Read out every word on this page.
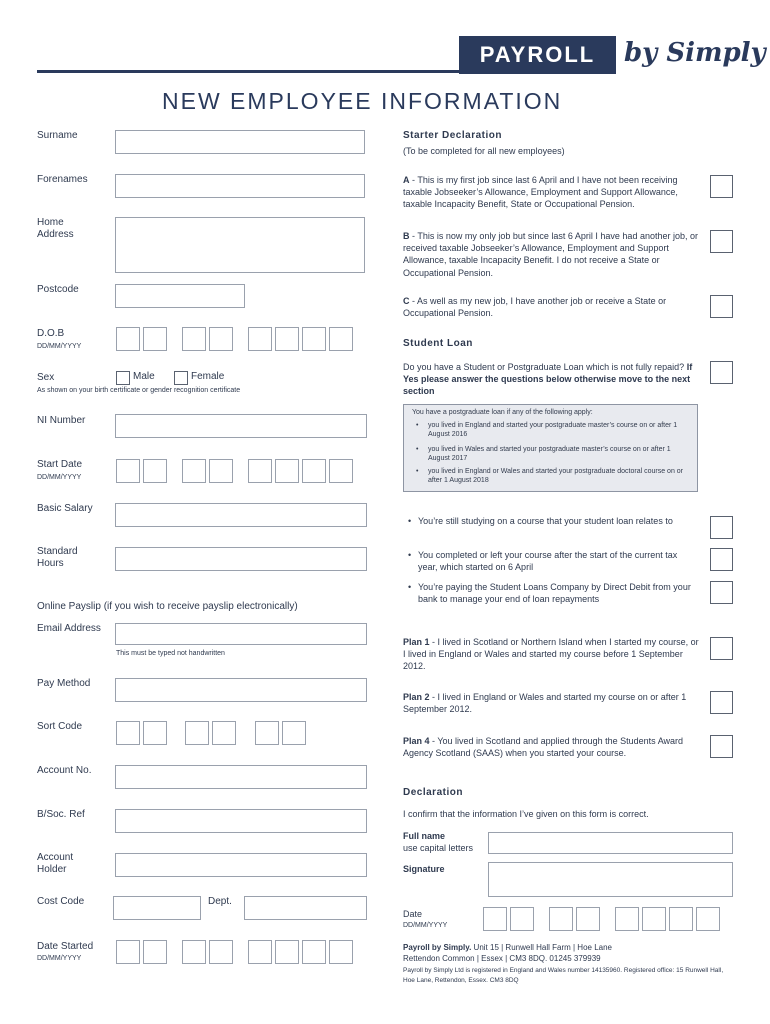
PAYROLL	by Simply
NEW EMPLOYEE INFORMATION
Surname
Forenames
Home
Address
Postcode
D.O.B
DD/MM/YYYY
Sex	Male	Female
As shown on your birth certificate or gender recognition certificate
NI Number
Start Date
DD/MM/YYYY
Basic Salary
Standard
Hours
Online Payslip (if you wish to receive payslip electronically)
Email Address
This must be typed not handwritten
Pay Method
Sort Code
Account No.
B/Soc. Ref
Account
Holder
Cost Code	Dept.
Date Started
DD/MM/YYYY
Starter Declaration
(To be completed for all new employees)
A - This is my first job since last 6 April and I have not been receiving taxable Jobseeker’s Allowance, Employment and Support Allowance, taxable Incapacity Benefit, State or Occupational Pension.
B - This is now my only job but since last 6 April I have had another job, or received taxable Jobseeker’s Allowance, Employment and Support Allowance, taxable Incapacity Benefit. I do not receive a State or Occupational Pension.
C - As well as my new job, I have another job or receive a State or Occupational Pension.
Student Loan
Do you have a Student or Postgraduate Loan which is not fully repaid? If Yes please answer the questions below otherwise move to the next section
You have a postgraduate loan if any of the following apply:
•	you lived in England and started your postgraduate master’s course on or after 1 August 2016
•	you lived in Wales and started your postgraduate master’s course on or after 1 August 2017
•	you lived in England or Wales and started your postgraduate doctoral course on or after 1 August 2018
• You’re still studying on a course that your student loan relates to
• You completed or left your course after the start of the current tax year, which started on 6 April
• You’re paying the Student Loans Company by Direct Debit from your bank to manage your end of loan repayments
Plan 1 - I lived in Scotland or Northern Island when I started my course, or I lived in England or Wales and started my course before 1 September 2012.
Plan 2 - I lived in England or Wales and started my course on or after 1 September 2012.
Plan 4 - You lived in Scotland and applied through the Students Award Agency Scotland (SAAS) when you started your course.
Declaration
I confirm that the information I’ve given on this form is correct.
Full name
use capital letters
Signature
Date
DD/MM/YYYY
Payroll by Simply. Unit 15 | Runwell Hall Farm | Hoe Lane
Rettendon Common | Essex | CM3 8DQ. 01245 379939
Payroll by Simply Ltd is registered in England and Wales number 14135960. Registered office: 15 Runwell Hall, Hoe Lane, Rettendon, Essex. CM3 8DQ
